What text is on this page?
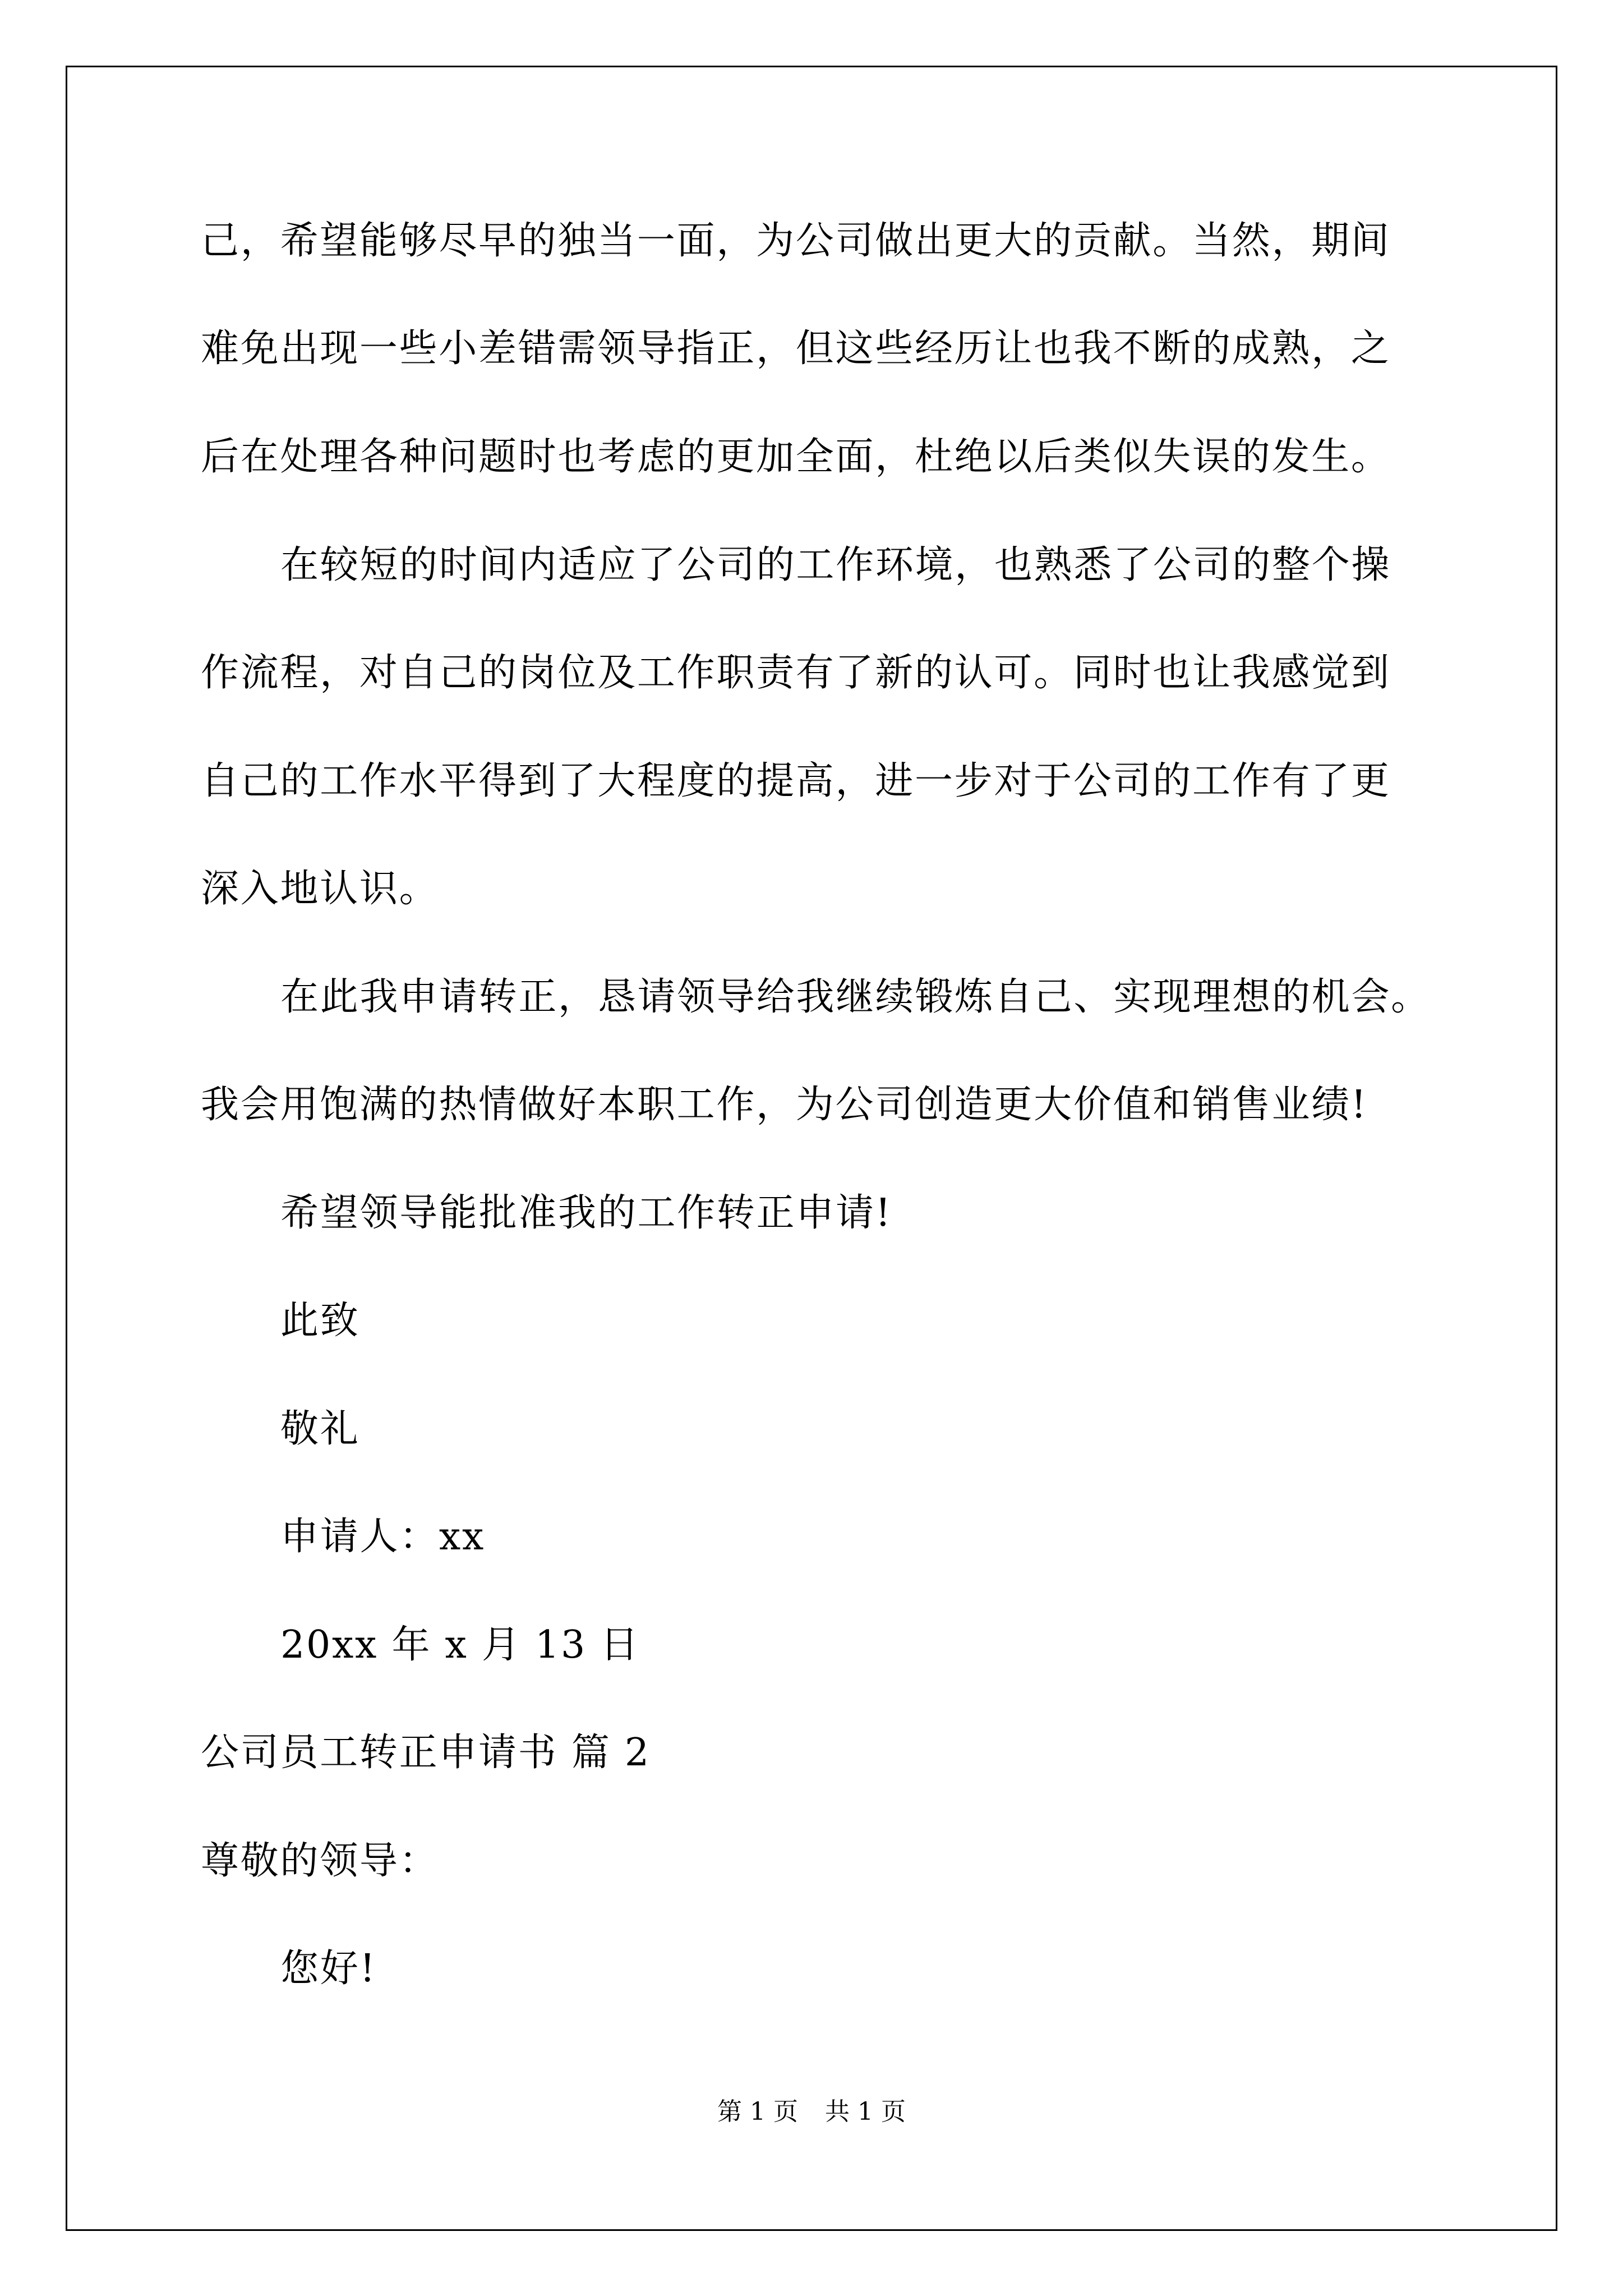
己，希望能够尽早的独当一面，为公司做出更大的贡献。当然，期间
难免出现一些小差错需领导指正，但这些经历让也我不断的成熟，之
后在处理各种问题时也考虑的更加全面，杜绝以后类似失误的发生。
在较短的时间内适应了公司的工作环境，也熟悉了公司的整个操
作流程，对自己的岗位及工作职责有了新的认可。同时也让我感觉到
自己的工作水平得到了大程度的提高，进一步对于公司的工作有了更
深入地认识。
在此我申请转正，恳请领导给我继续锻炼自己、实现理想的机会。
我会用饱满的热情做好本职工作，为公司创造更大价值和销售业绩!
希望领导能批准我的工作转正申请!
此致
敬礼
申请人：xx
20xx 年 x 月 13 日
公司员工转正申请书 篇 2
尊敬的领导：
您好!
第 1 页 共 1 页
